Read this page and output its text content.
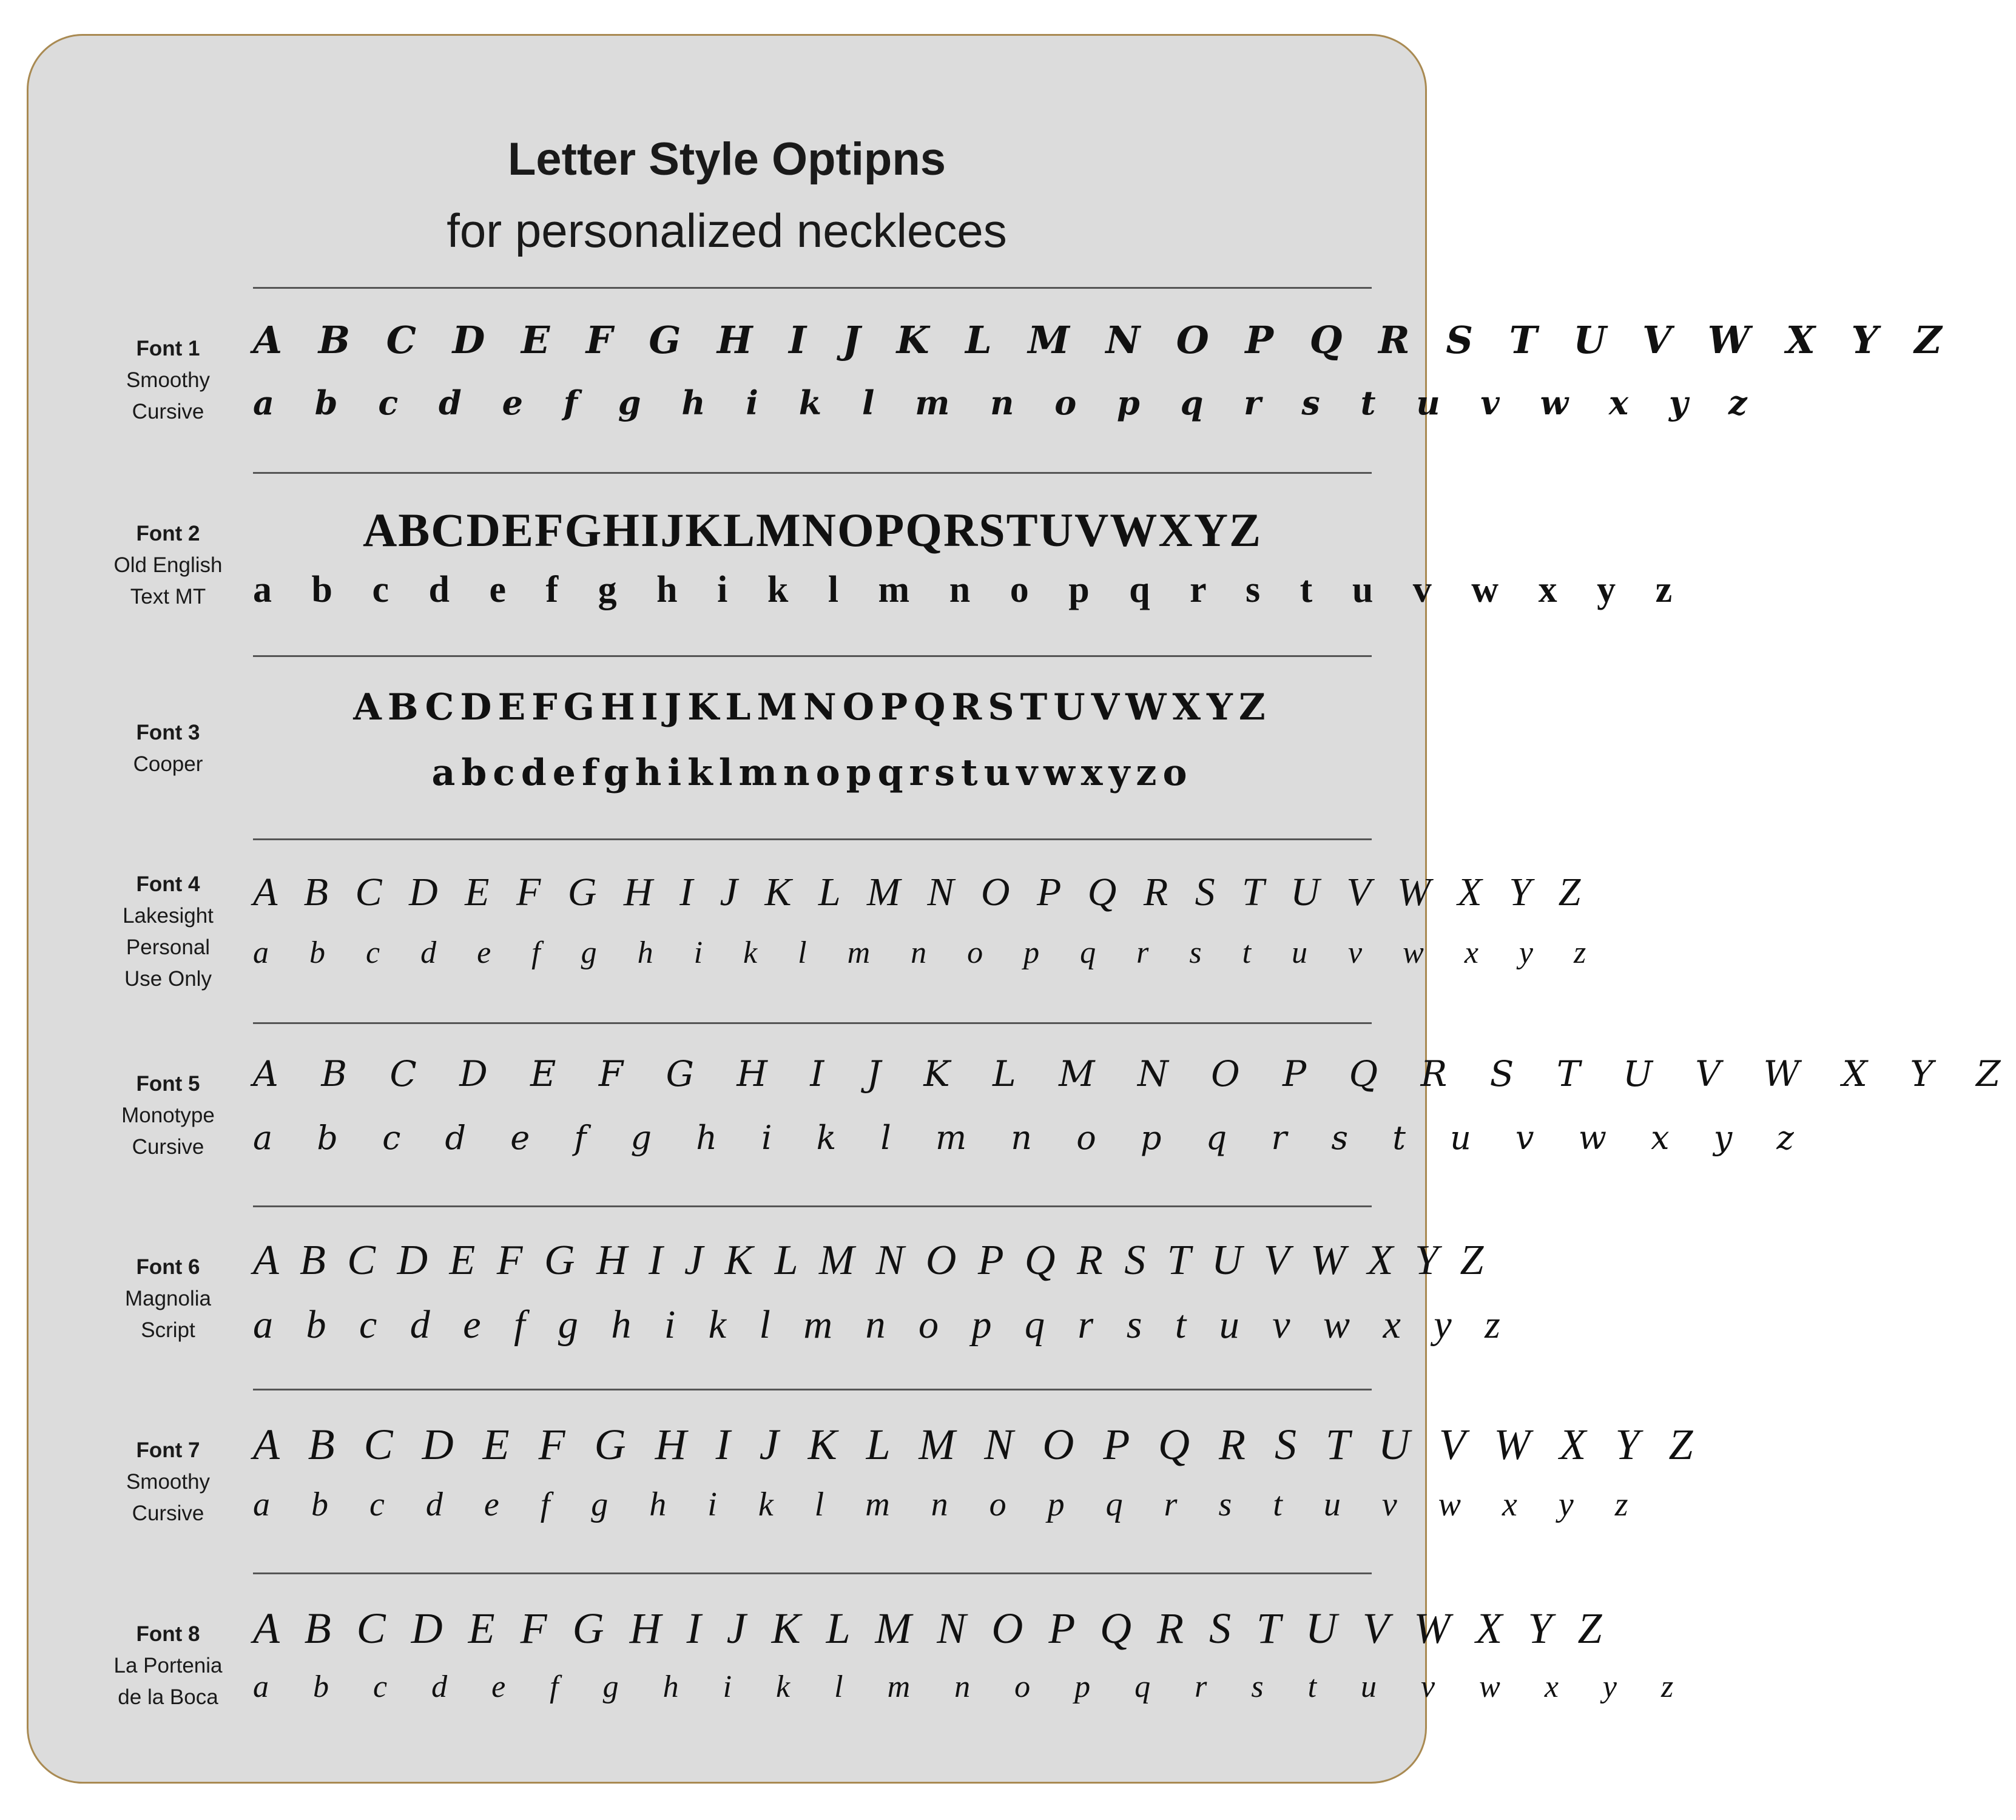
Letter Style Optipns
for personalized neckleces
Font 1
Smoothy
Cursive
A B C D E F G H I J K L M N O P Q R S T U V W X Y Z
a b c d e f g h i k l m n o p q r s t u v w x y z
Font 2
Old English
Text MT
ABCDEFGHIJKLMNOPQRSTUVWXYZ
a b c d e f g h i k l m n o p q r s t u v w x y z
Font 3
Cooper
ABCDEFGHIJKLMNOPQRSTUVWXYZ
abcdefghiklmnopqrstuvwxyzo
Font 4
Lakesight
Personal
Use Only
A B C D E F G H I J K L M N O P Q R S T U V W X Y Z
a b c d e f g h i k l m n o p q r s t u v w x y z
Font 5
Monotype
Cursive
A B C D E F G H I J K L M N O P Q R S T U V W X Y Z
a b c d e f g h i k l m n o p q r s t u v w x y z
Font 6
Magnolia
Script
A B C D E F G H I J K L M N O P Q R S T U V W X Y Z
a b c d e f g h i k l m n o p q r s t u v w x y z
Font 7
Smoothy
Cursive
A B C D E F G H I J K L M N O P Q R S T U V W X Y Z
a b c d e f g h i k l m n o p q r s t u v w x y z
Font 8
La Portenia
de la Boca
A B C D E F G H I J K L M N O P Q R S T U V W X Y Z
a b c d e f g h i k l m n o p q r s t u v w x y z
